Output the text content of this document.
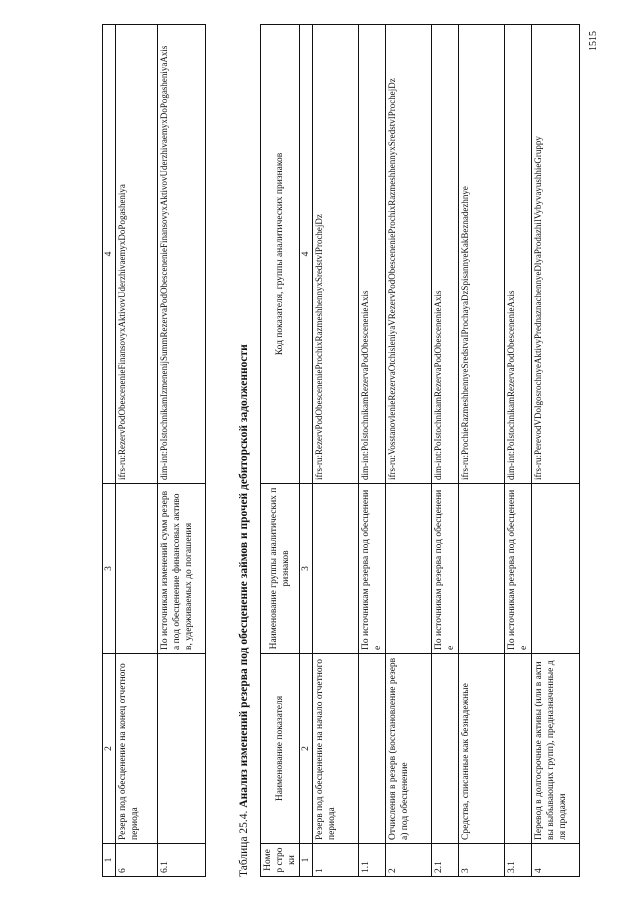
1	2	3	4
6	Резерв под обесценение на конец отчетного периода		ifrs-ru:RezervPodObesceneniеFinansovyxAktivovUderzhivaemyxDoPogasheniya
6.1		По источникам изменений сумм резерва под обесценение финансовых активов, удерживаемых до погашения	dim-int:PoIstochnikamIzmenenijSummRezervaPodObesceneniеFinansovyxAktivovUderzhivaemyxDoPogasheniyaAxis
Таблица 25.4. Анализ изменений резерва под обесценение займов и прочей дебиторской задолженности
Номер строки	Наименование показателя	Наименование группы аналитических признаков	Код показателя, группы аналитических признаков
1	2	3	4
1	Резерв под обесценение на начало отчетного периода		ifrs-ru:RezervPodObesceneniеProchixRazmeshhennyxSredstvIProchejDz
1.1		По источникам резерва под обесценение	dim-int:PoIstochnikamRezervaPodObesceneniеAxis
2	Отчисления в резерв (восстановление резерва) под обесценение		ifrs-ru:VosstanovlenieRezervaOtchisleniyaVRezervPodObesceneniеProchixRazmeshhennyxSredstvIProchejDz
2.1		По источникам резерва под обесценение	dim-int:PoIstochnikamRezervaPodObesceneniеAxis
3	Средства, списанные как безнадежные		ifrs-ru:ProchieRazmeshhennyeSredstvaIProchayaDzSpisannyeKakBeznadezhnye
3.1		По источникам резерва под обесценение	dim-int:PoIstochnikamRezervaPodObesceneniеAxis
4	Перевод в долгосрочные активы (или в активы выбывающих групп), предназначенные для продажи		ifrs-ru:PerevodVDolgosrochnyeAktivyPrednaznachennyeDlyaProdazhiIVybyvayushhieGruppy
1515
